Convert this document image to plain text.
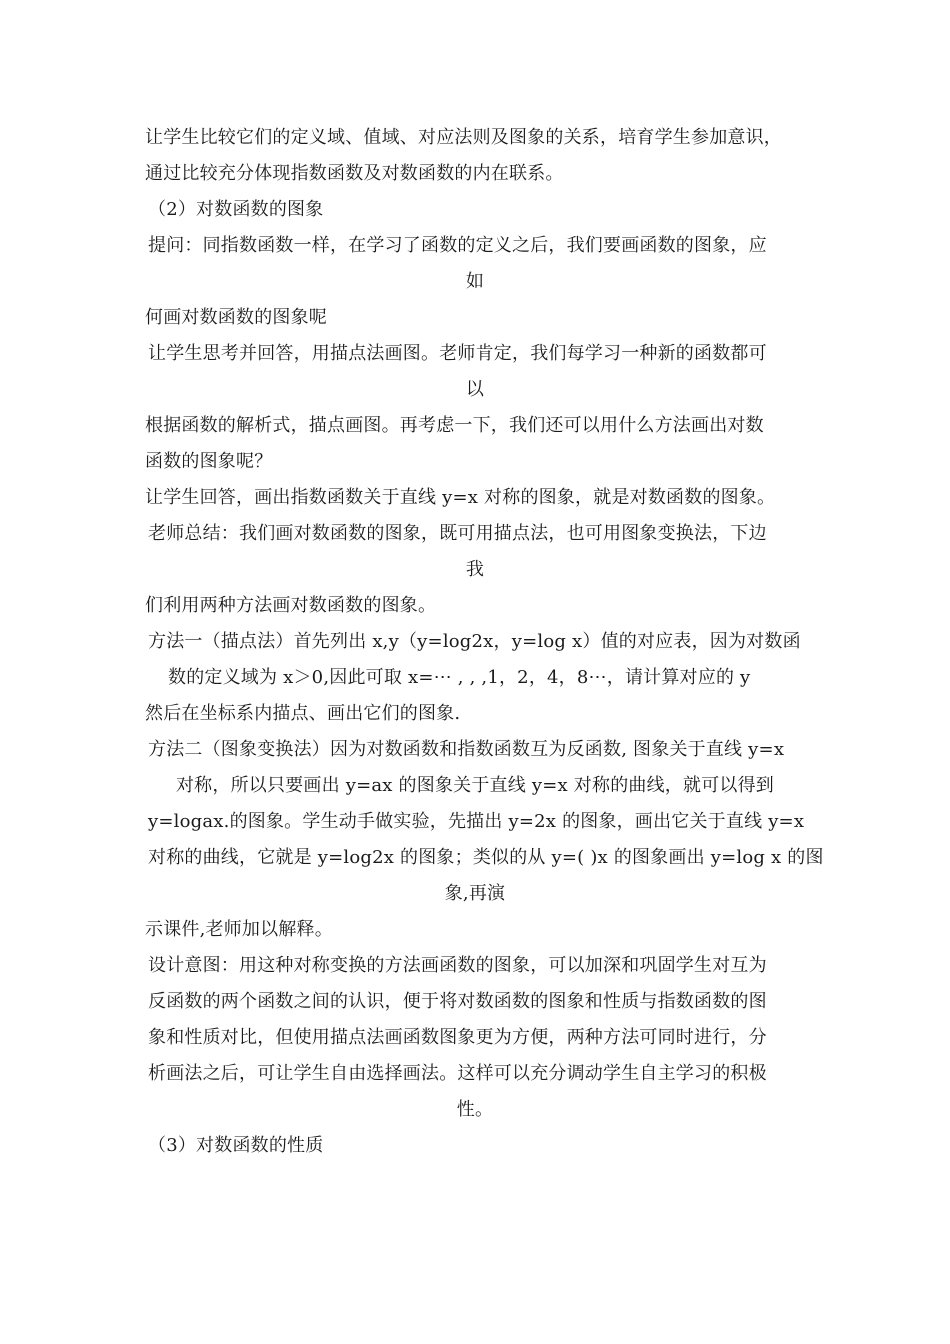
让学生比较它们的定义域、值域、对应法则及图象的关系，培育学生参加意识，
通过比较充分体现指数函数及对数函数的内在联系。
（2）对数函数的图象
提问：同指数函数一样，在学习了函数的定义之后，我们要画函数的图象，应
如
何画对数函数的图象呢
让学生思考并回答，用描点法画图。老师肯定，我们每学习一种新的函数都可
以
根据函数的解析式，描点画图。再考虑一下，我们还可以用什么方法画出对数
函数的图象呢？
让学生回答，画出指数函数关于直线 y=x 对称的图象，就是对数函数的图象。
老师总结：我们画对数函数的图象，既可用描点法，也可用图象变换法，下边
我
们利用两种方法画对数函数的图象。
方法一（描点法）首先列出 x,y（y=log2x，y=log x）值的对应表，因为对数函
数的定义域为 x＞0,因此可取 x=⋯ , , ,1，2，4，8⋯，请计算对应的 y
然后在坐标系内描点、画出它们的图象.
方法二（图象变换法）因为对数函数和指数函数互为反函数, 图象关于直线 y=x
对称，所以只要画出 y=ax 的图象关于直线 y=x 对称的曲线，就可以得到
y=logax.的图象。学生动手做实验，先描出 y=2x 的图象，画出它关于直线 y=x
对称的曲线，它就是 y=log2x 的图象；类似的从 y=( )x 的图象画出 y=log x 的图
象,再演
示课件,老师加以解释。
设计意图：用这种对称变换的方法画函数的图象，可以加深和巩固学生对互为
反函数的两个函数之间的认识，便于将对数函数的图象和性质与指数函数的图
象和性质对比，但使用描点法画函数图象更为方便，两种方法可同时进行，分
析画法之后，可让学生自由选择画法。这样可以充分调动学生自主学习的积极
性。
（3）对数函数的性质
